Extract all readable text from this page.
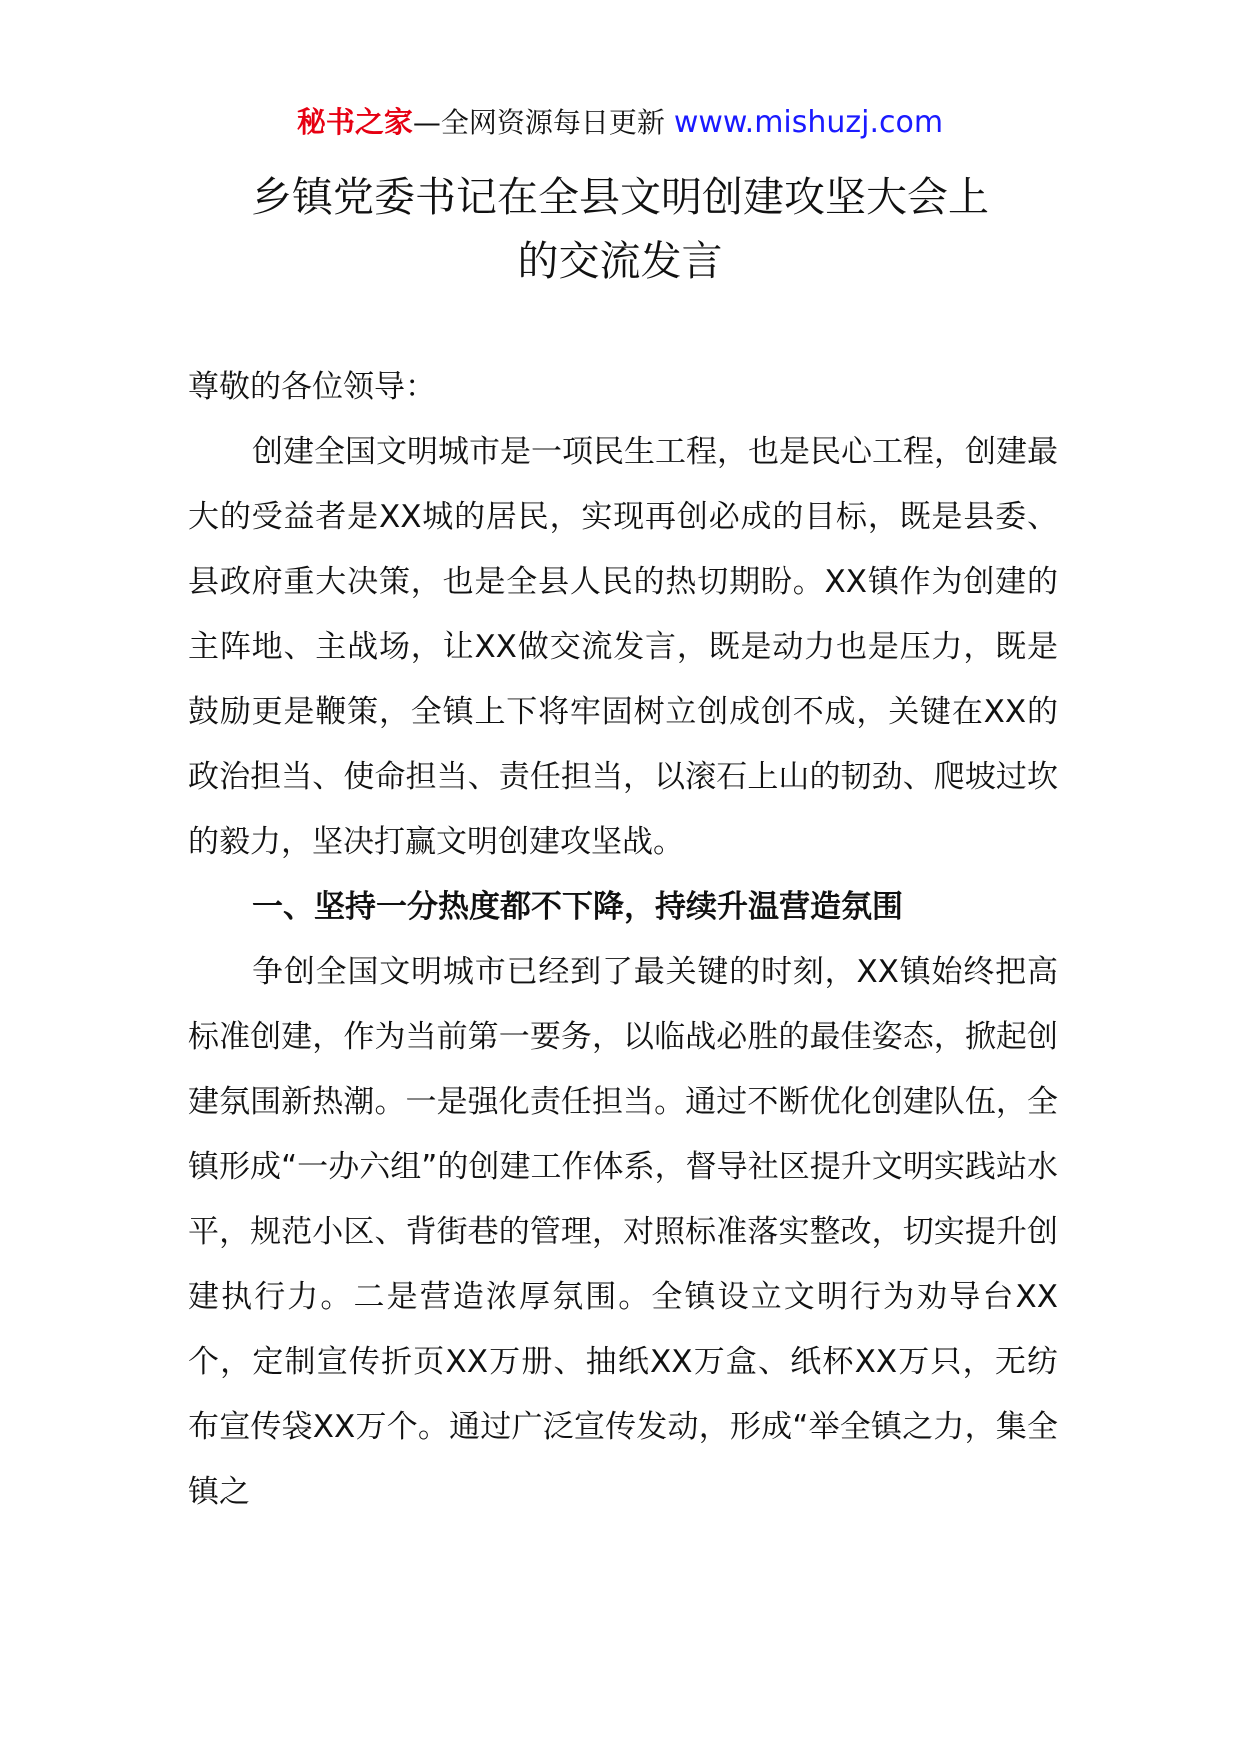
秘书之家—全网资源每日更新 www.mishuzj.com
乡镇党委书记在全县文明创建攻坚大会上
的交流发言

尊敬的各位领导：

创建全国文明城市是一项民生工程，也是民心工程，创建最大的受益者是XX城的居民，实现再创必成的目标，既是县委、县政府重大决策，也是全县人民的热切期盼。XX镇作为创建的主阵地、主战场，让XX做交流发言，既是动力也是压力，既是鼓励更是鞭策，全镇上下将牢固树立创成创不成，关键在XX的政治担当、使命担当、责任担当，以滚石上山的韧劲、爬坡过坎的毅力，坚决打赢文明创建攻坚战。

一、坚持一分热度都不下降，持续升温营造氛围

争创全国文明城市已经到了最关键的时刻，XX镇始终把高标准创建，作为当前第一要务，以临战必胜的最佳姿态，掀起创建氛围新热潮。一是强化责任担当。通过不断优化创建队伍，全镇形成“一办六组”的创建工作体系，督导社区提升文明实践站水平，规范小区、背街巷的管理，对照标准落实整改，切实提升创建执行力。二是营造浓厚氛围。全镇设立文明行为劝导台XX个，定制宣传折页XX万册、抽纸XX万盒、纸杯XX万只，无纺布宣传袋XX万个。通过广泛宣传发动，形成“举全镇之力，集全镇之
